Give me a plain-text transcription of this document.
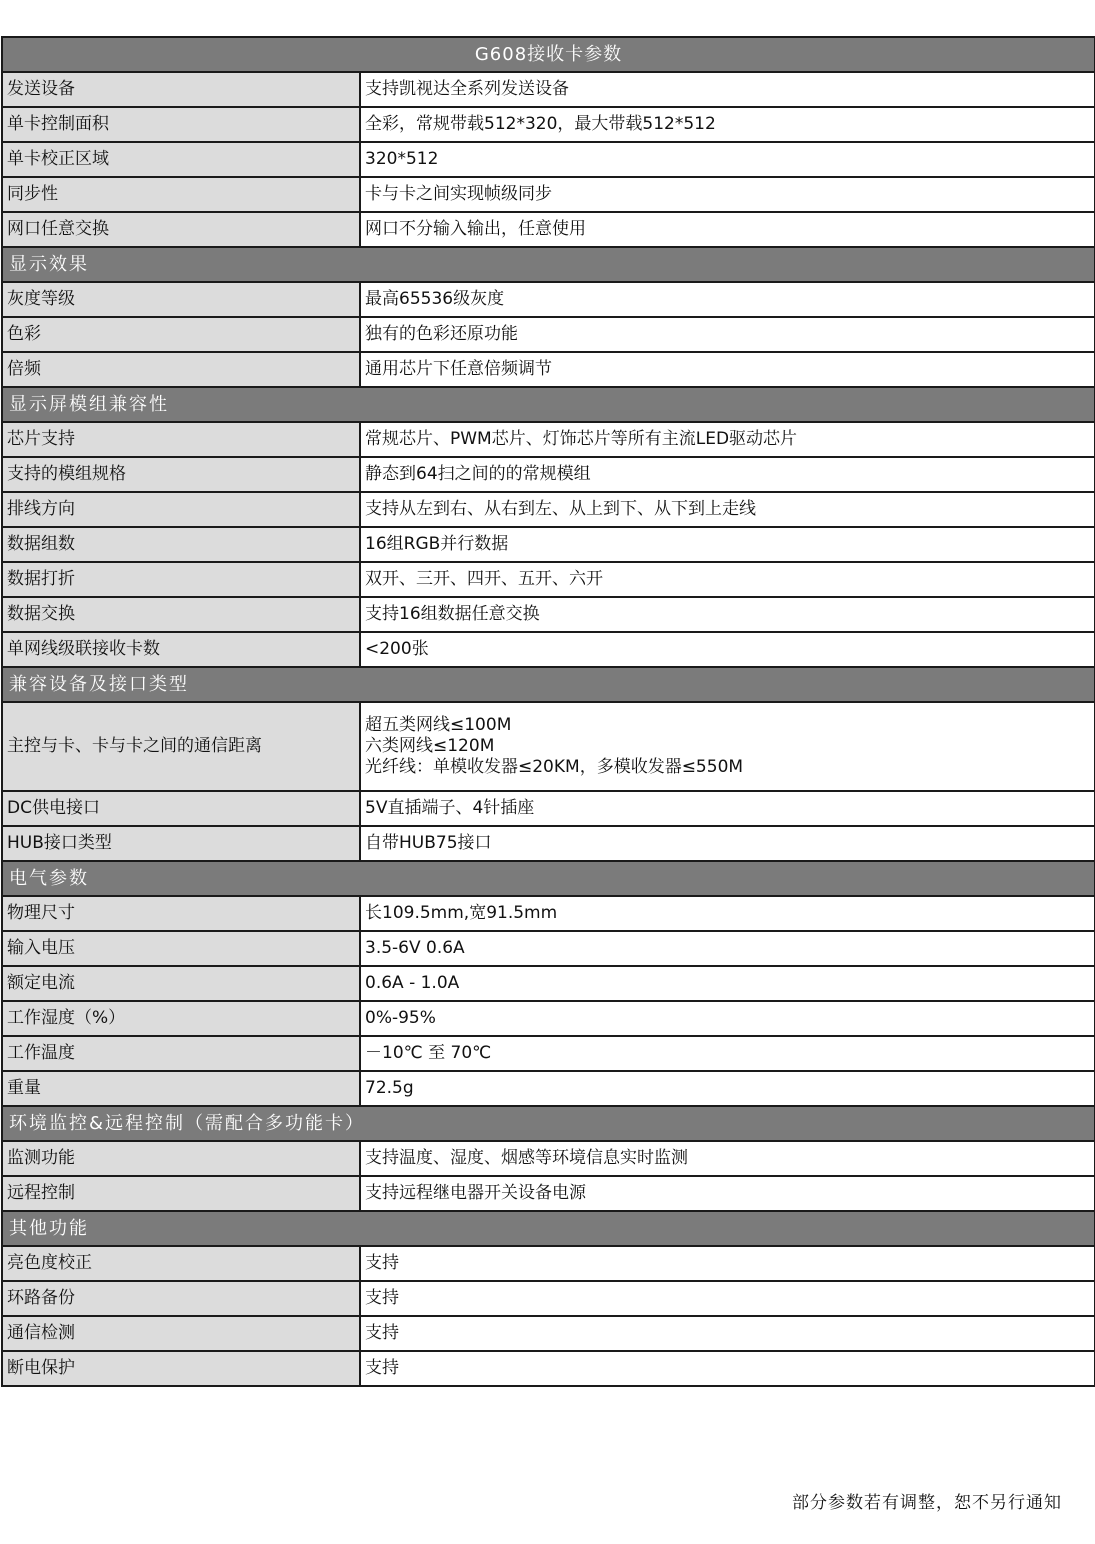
G608接收卡参数	
发送设备	支持凯视达全系列发送设备
单卡控制面积	全彩，常规带载512*320，最大带载512*512
单卡校正区域	320*512
同步性	卡与卡之间实现帧级同步
网口任意交换	网口不分输入输出，任意使用
显示效果	
灰度等级	最高65536级灰度
色彩	独有的色彩还原功能
倍频	通用芯片下任意倍频调节
显示屏模组兼容性	
芯片支持	常规芯片、PWM芯片、灯饰芯片等所有主流LED驱动芯片
支持的模组规格	静态到64扫之间的的常规模组
排线方向	支持从左到右、从右到左、从上到下、从下到上走线
数据组数	16组RGB并行数据
数据打折	双开、三开、四开、五开、六开
数据交换	支持16组数据任意交换
单网线级联接收卡数	<200张
兼容设备及接口类型	
主控与卡、卡与卡之间的通信距离	超五类网线≤100M
六类网线≤120M
光纤线：单模收发器≤20KM，多模收发器≤550M

DC供电接口	5V直插端子、4针插座
HUB接口类型	自带HUB75接口
电气参数	
物理尺寸	长109.5mm,宽91.5mm
输入电压	3.5-6V 0.6A
额定电流	0.6A - 1.0A
工作湿度（%）	0%-95%
工作温度	－10℃ 至 70℃
重量	72.5g
环境监控&远程控制（需配合多功能卡）	
监测功能	支持温度、湿度、烟感等环境信息实时监测
远程控制	支持远程继电器开关设备电源
其他功能	
亮色度校正	支持
环路备份	支持
通信检测	支持
断电保护	支持
部分参数若有调整，恕不另行通知
